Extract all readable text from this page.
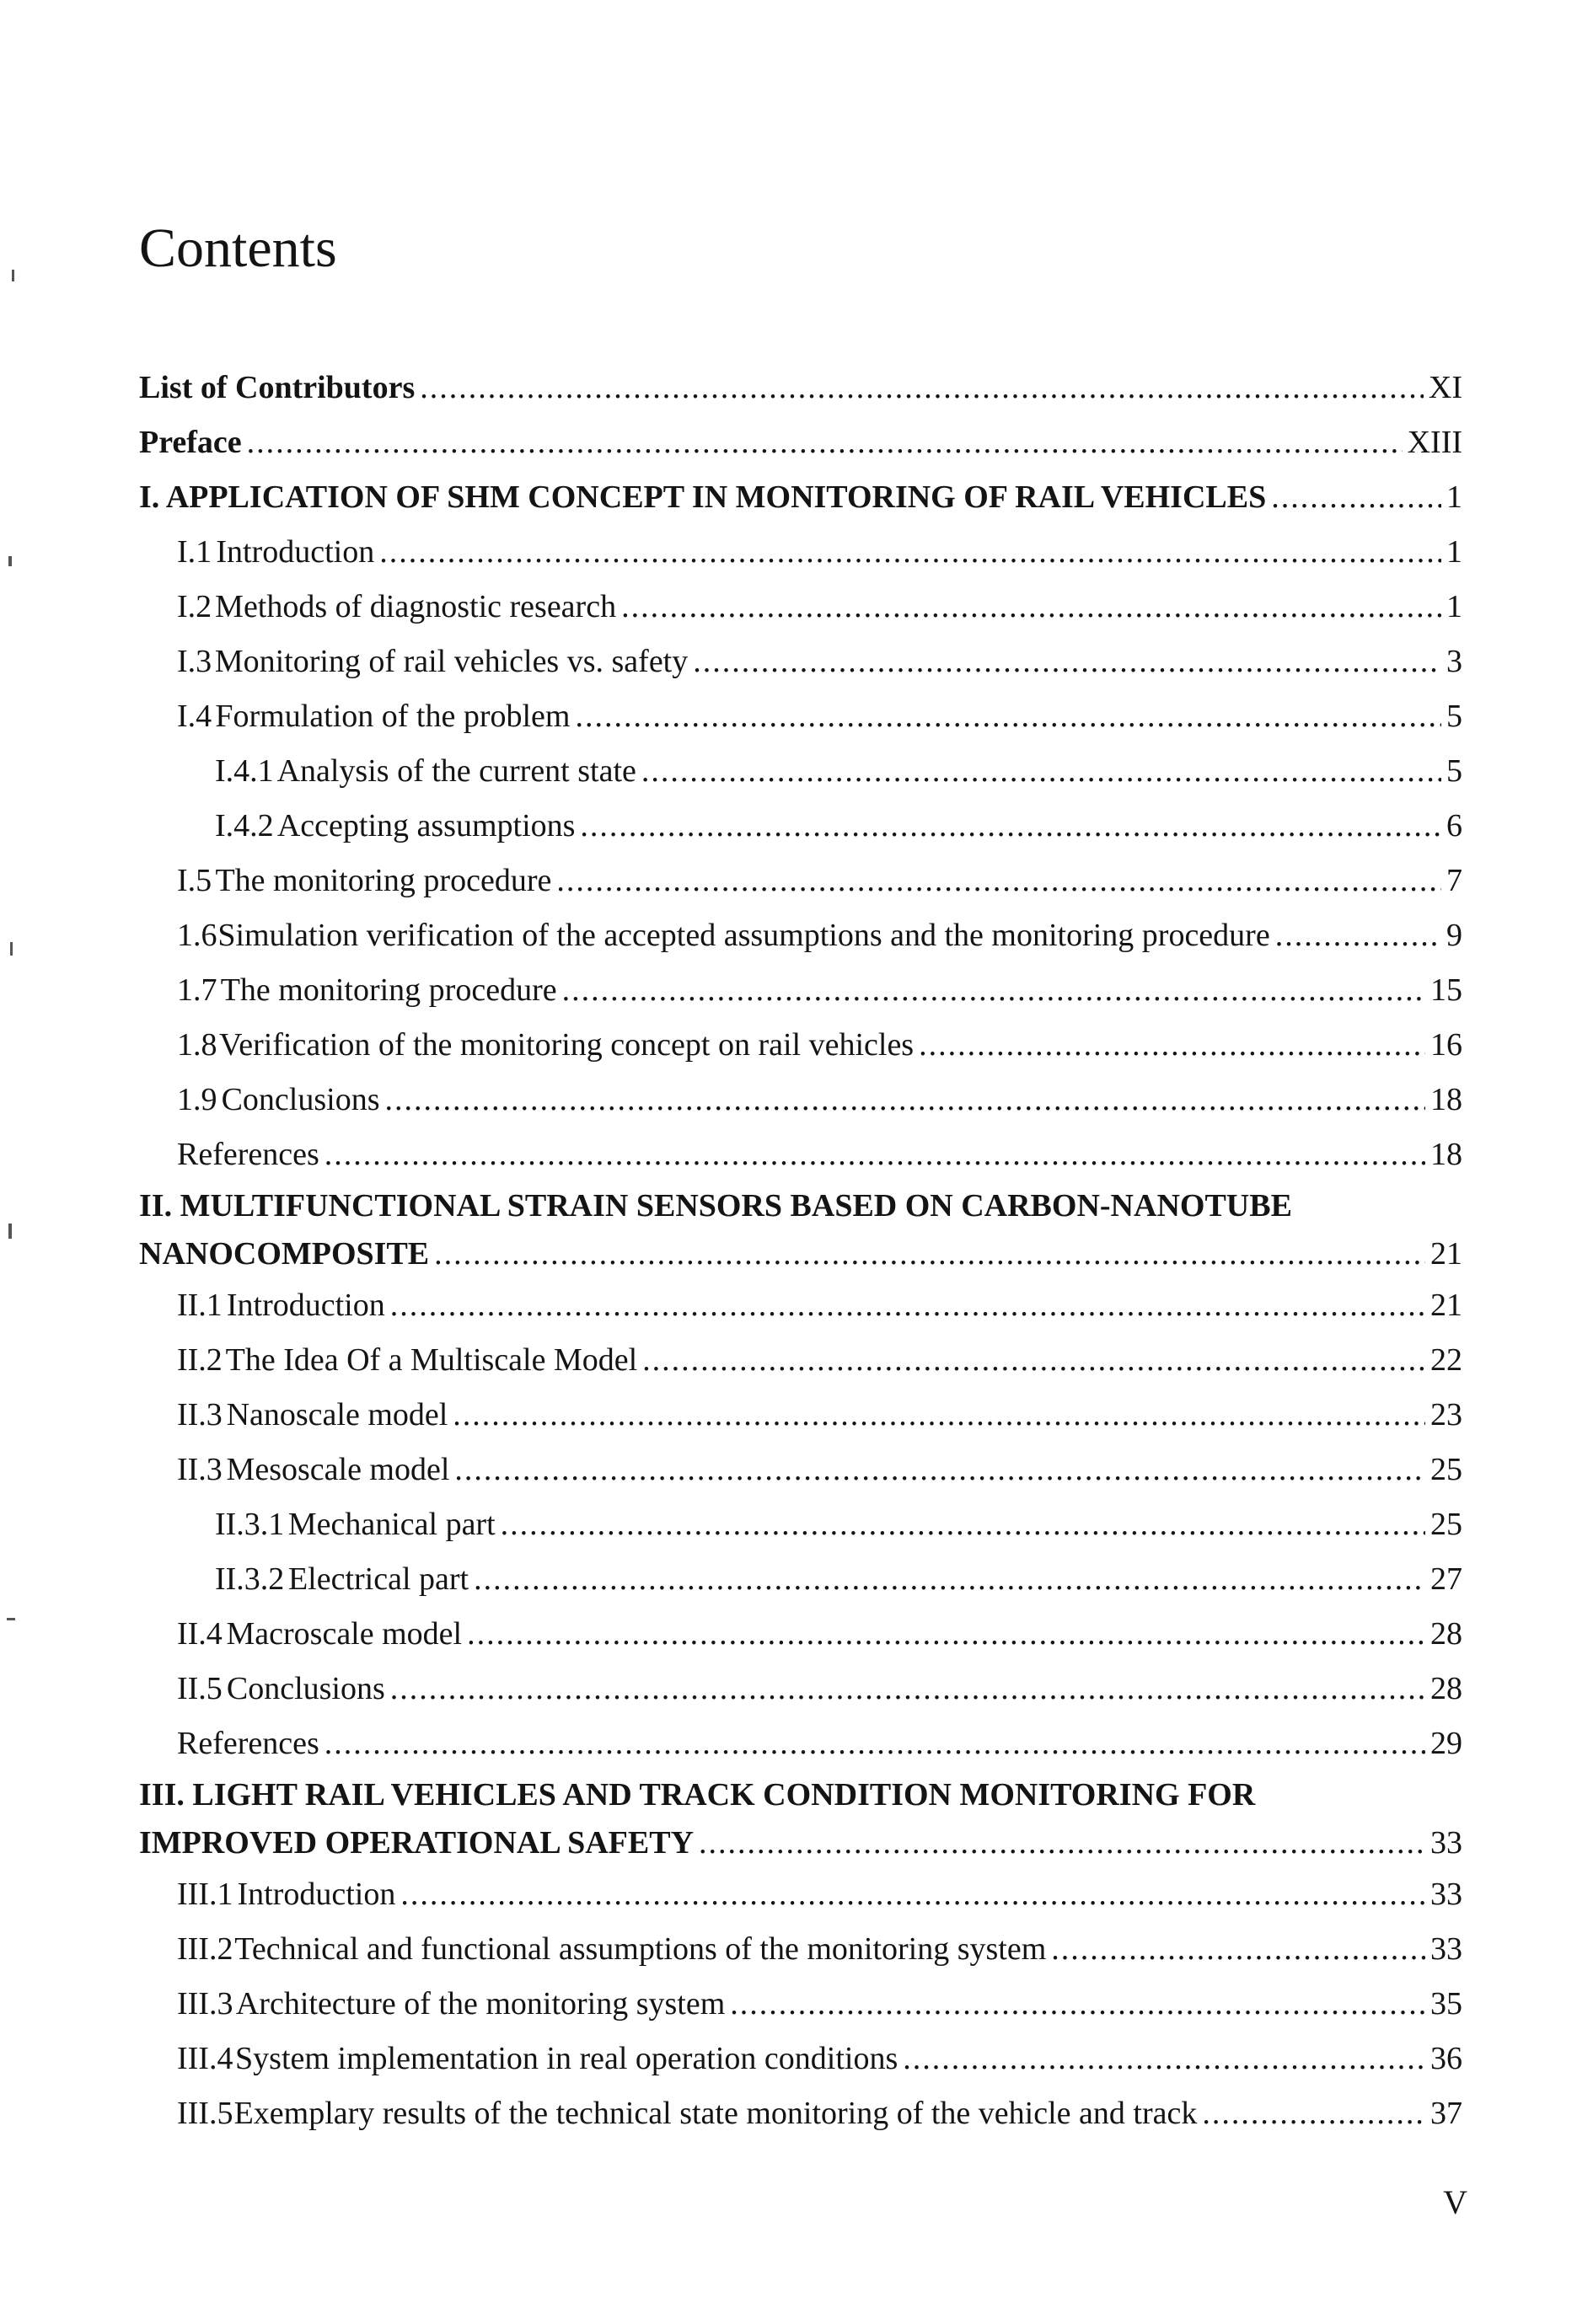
Contents
List of Contributors .....	XI
Preface .....	XIII
I. APPLICATION OF SHM CONCEPT IN MONITORING OF RAIL VEHICLES .....	1
I.1 Introduction .....	1
I.2 Methods of diagnostic research .....	1
I.3 Monitoring of rail vehicles vs. safety .....	3
I.4 Formulation of the problem .....	5
I.4.1 Analysis of the current state .....	5
I.4.2 Accepting assumptions .....	6
I.5 The monitoring procedure .....	7
1.6 Simulation verification of the accepted assumptions and the monitoring procedure .....	9
1.7 The monitoring procedure .....	15
1.8 Verification of the monitoring concept on rail vehicles .....	16
1.9 Conclusions .....	18
References .....	18
II. MULTIFUNCTIONAL STRAIN SENSORS BASED ON CARBON-NANOTUBE
NANOCOMPOSITE .....	21
II.1 Introduction .....	21
II.2 The Idea Of a Multiscale Model .....	22
II.3 Nanoscale model .....	23
II.3 Mesoscale model .....	25
II.3.1 Mechanical part .....	25
II.3.2 Electrical part .....	27
II.4 Macroscale model .....	28
II.5 Conclusions .....	28
References .....	29
III. LIGHT RAIL VEHICLES AND TRACK CONDITION MONITORING FOR
IMPROVED OPERATIONAL SAFETY .....	33
III.1 Introduction .....	33
III.2 Technical and functional assumptions of the monitoring system .....	33
III.3 Architecture of the monitoring system .....	35
III.4 System implementation in real operation conditions .....	36
III.5 Exemplary results of the technical state monitoring of the vehicle and track .....	37
V
